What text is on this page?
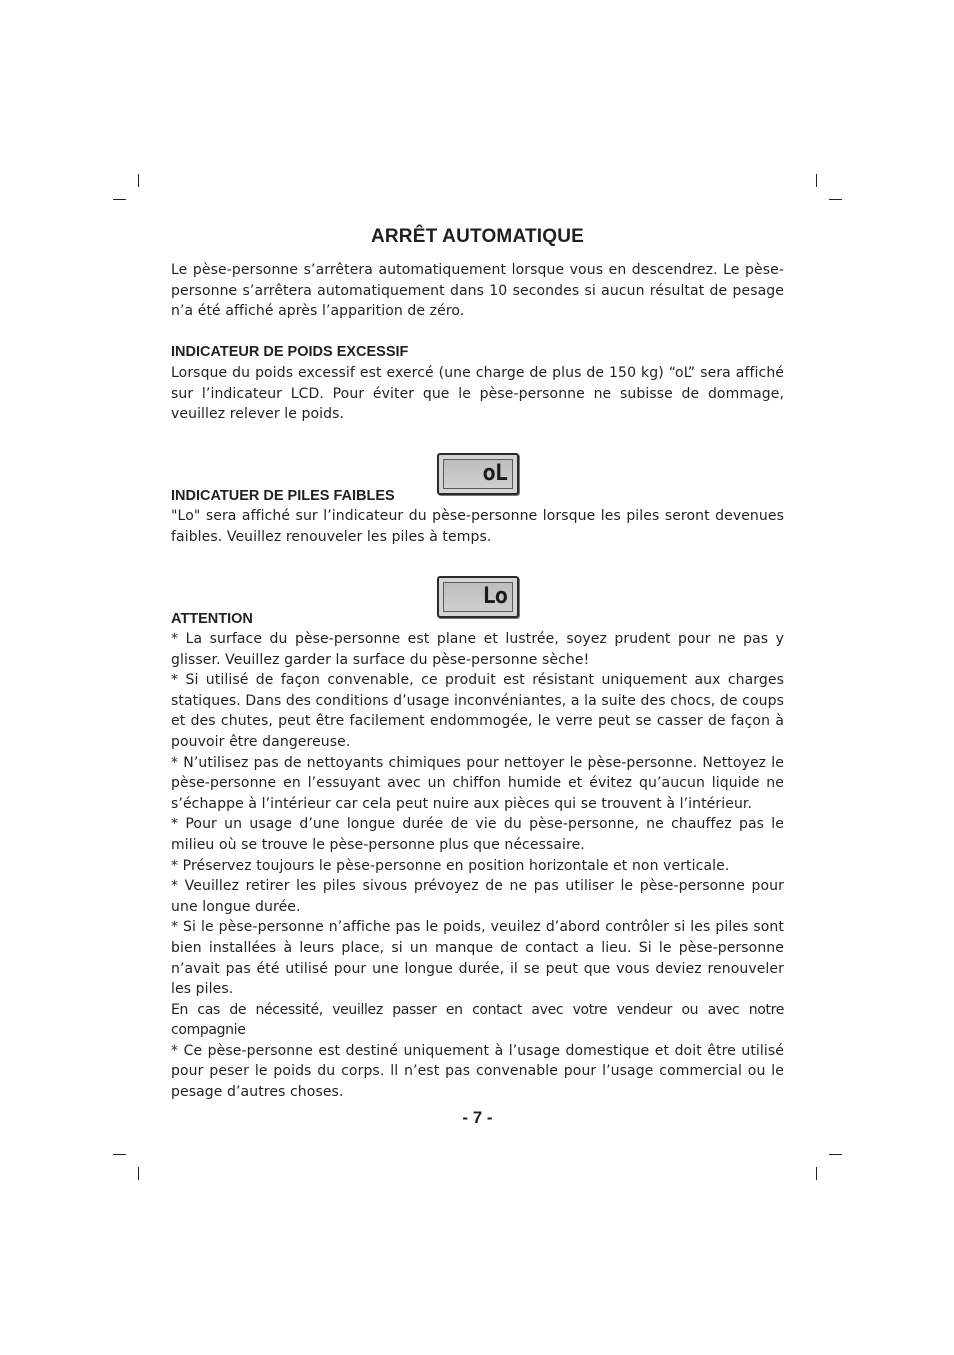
ARRÊT AUTOMATIQUE

Le pèse-personne s’arrêtera automatiquement lorsque vous en descendrez. Le pèse-personne s’arrêtera automatiquement dans 10 secondes si aucun résultat de pesage n’a été affiché après l’apparition de zéro.

INDICATEUR DE POIDS EXCESSIF

Lorsque du poids excessif est exercé (une charge de plus de 150 kg) “oL” sera affiché sur l’indicateur LCD. Pour éviter que le pèse-personne ne subisse de dommage, veuillez relever le poids.

oL
INDICATUER DE PILES FAIBLES

"Lo" sera affiché sur l’indicateur du pèse-personne lorsque les piles seront devenues faibles. Veuillez renouveler les piles à temps.

Lo
ATTENTION
* La surface du pèse-personne est plane et lustrée, soyez prudent pour ne pas y glisser. Veuillez garder la surface du pèse-personne sèche!
* Si utilisé de façon convenable, ce produit est résistant uniquement aux charges statiques. Dans des conditions d’usage inconvéniantes, a la suite des chocs, de coups et des chutes, peut être facilement endommogée, le verre peut se casser de façon à pouvoir être dangereuse.
* N’utilisez pas de nettoyants chimiques pour nettoyer le pèse-personne. Nettoyez le pèse-personne en l’essuyant avec un chiffon humide et évitez qu’aucun liquide ne s’échappe à l’intérieur car cela peut nuire aux pièces qui se trouvent à l’intérieur.
* Pour un usage d’une longue durée de vie du pèse-personne, ne chauffez pas le milieu où se trouve le pèse-personne plus que nécessaire.
* Préservez toujours le pèse-personne en position horizontale et non verticale.
* Veuillez retirer les piles sivous prévoyez de ne pas utiliser le pèse-personne pour une longue durée.
* Si le pèse-personne n’affiche pas le poids, veuilez d’abord contrôler si les piles sont bien installées à leurs place, si un manque de contact a lieu. Si le pèse-personne n’avait pas été utilisé pour une longue durée, il se peut que vous deviez renouveler les piles.
En cas de nécessité, veuillez passer en contact avec votre vendeur ou avec notre compagnie
* Ce pèse-personne est destiné uniquement à l’usage domestique et doit être utilisé pour peser le poids du corps. ll n’est pas convenable pour l’usage commercial ou le pesage d’autres choses.
- 7 -
